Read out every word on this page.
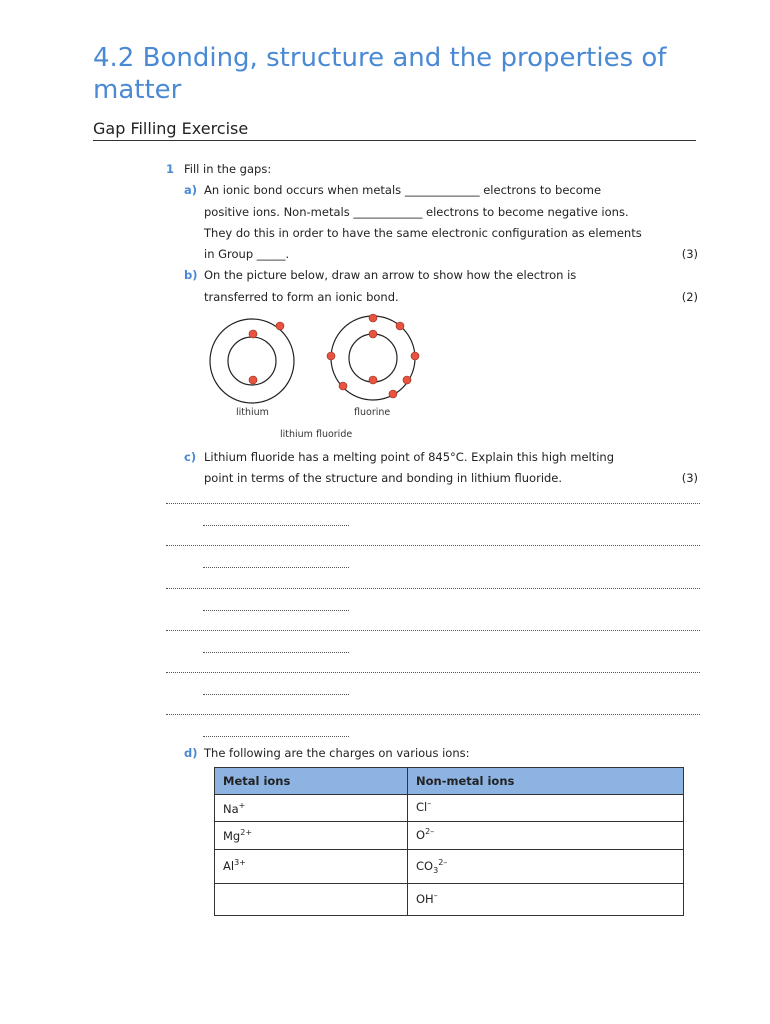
4.2 Bonding, structure and the properties of matter
Gap Filling Exercise
1 Fill in the gaps:
a) An ionic bond occurs when metals _____________ electrons to become
positive ions. Non-metals ____________ electrons to become negative ions.
They do this in order to have the same electronic configuration as elements
in Group _____.	(3)
b) On the picture below, draw an arrow to show how the electron is
transferred to form an ionic bond.	(2)
lithium	fluorine
lithium fluoride
c) Lithium fluoride has a melting point of 845°C. Explain this high melting
point in terms of the structure and bonding in lithium fluoride.	(3)
d) The following are the charges on various ions:
Metal ions	Non-metal ions
Na+	Cl–
$Mg^{2+}$	$O^{2-}$
$Al^{3+}$	$CO_3^{2-}$
	OH–
